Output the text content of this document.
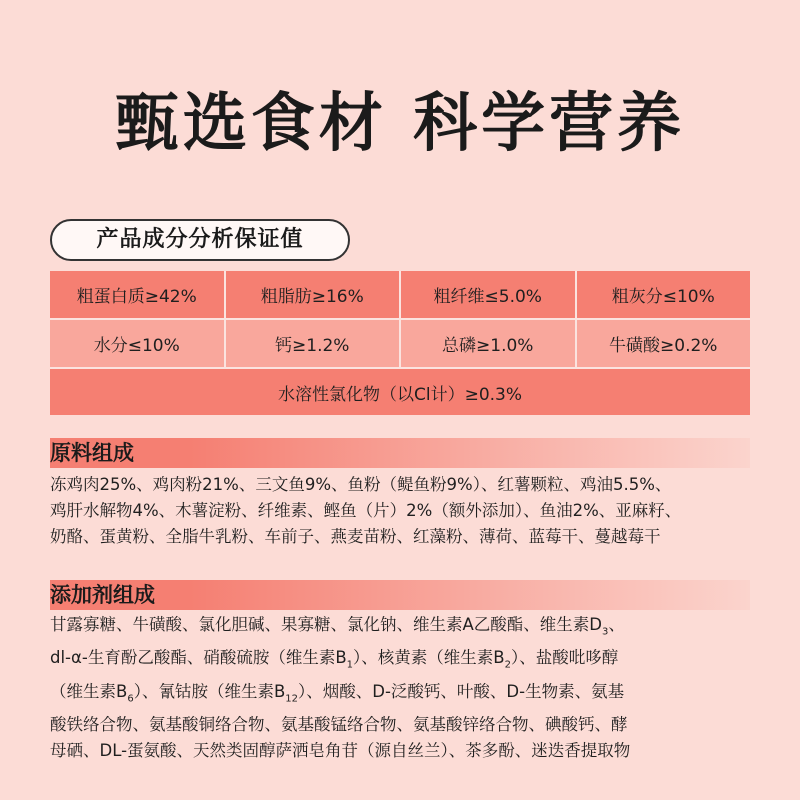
甄选食材 科学营养
产品成分分析保证值
粗蛋白质≥42%	粗脂肪≥16%	粗纤维≤5.0%	粗灰分≤10%
水分≤10%	钙≥1.2%	总磷≥1.0%	牛磺酸≥0.2%
水溶性氯化物（以Cl计）≥0.3%
原料组成
冻鸡肉25%、鸡肉粉21%、三文鱼9%、鱼粉（鳀鱼粉9%）、红薯颗粒、鸡油5.5%、
鸡肝水解物4%、木薯淀粉、纤维素、鲣鱼（片）2%（额外添加）、鱼油2%、亚麻籽、
奶酪、蛋黄粉、全脂牛乳粉、车前子、燕麦苗粉、红藻粉、薄荷、蓝莓干、蔓越莓干
添加剂组成
甘露寡糖、牛磺酸、氯化胆碱、果寡糖、氯化钠、维生素A乙酸酯、维生素$D_3$、
dl-α-生育酚乙酸酯、硝酸硫胺（维生素$B_1$）、核黄素（维生素$B_2$）、盐酸吡哆醇
（维生素$B_6$）、氰钴胺（维生素$B_{12}$）、烟酸、D-泛酸钙、叶酸、D-生物素、氨基
酸铁络合物、氨基酸铜络合物、氨基酸锰络合物、氨基酸锌络合物、碘酸钙、酵
母硒、DL-蛋氨酸、天然类固醇萨洒皂角苷（源自丝兰）、茶多酚、迷迭香提取物
